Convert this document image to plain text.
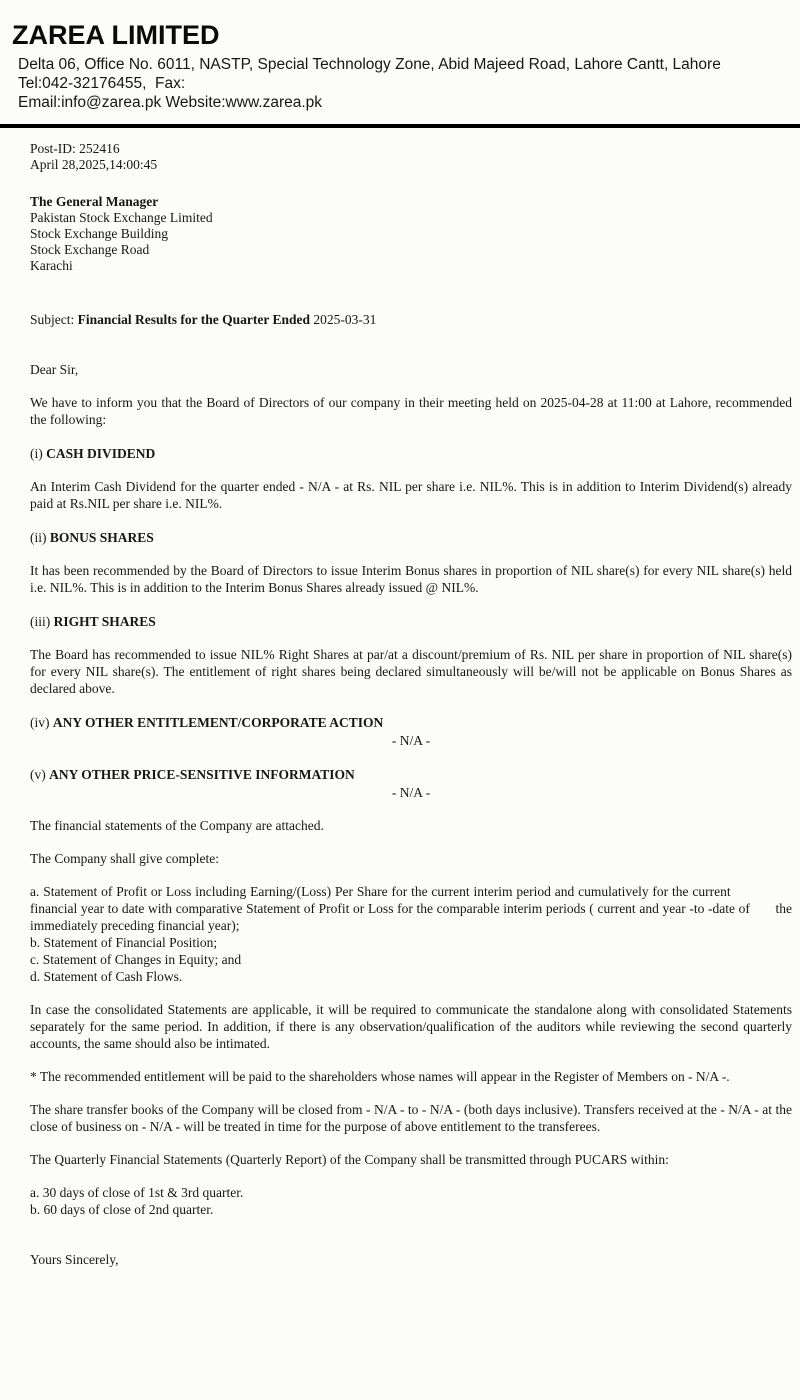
ZAREA LIMITED
Delta 06, Office No. 6011, NASTP, Special Technology Zone, Abid Majeed Road, Lahore Cantt, Lahore
Tel:042-32176455,  Fax:
Email:info@zarea.pk Website:www.zarea.pk
Post-ID: 252416
April 28,2025,14:00:45
The General Manager
Pakistan Stock Exchange Limited
Stock Exchange Building
Stock Exchange Road
Karachi
Subject: Financial Results for the Quarter Ended 2025-03-31
Dear Sir,

We have to inform you that the Board of Directors of our company in their meeting held on 2025-04-28 at 11:00 at Lahore, recommended the following:

(i) CASH DIVIDEND

An Interim Cash Dividend for the quarter ended - N/A - at Rs. NIL per share i.e. NIL%. This is in addition to Interim Dividend(s) already paid at Rs.NIL per share i.e. NIL%.

(ii) BONUS SHARES

It has been recommended by the Board of Directors to issue Interim Bonus shares in proportion of NIL share(s) for every NIL share(s) held i.e. NIL%. This is in addition to the Interim Bonus Shares already issued @ NIL%.

(iii) RIGHT SHARES

The Board has recommended to issue NIL% Right Shares at par/at a discount/premium of Rs. NIL per share in proportion of NIL share(s) for every NIL share(s). The entitlement of right shares being declared simultaneously will be/will not be applicable on Bonus Shares as declared above.

(iv) ANY OTHER ENTITLEMENT/CORPORATE ACTION
- N/A -
(v) ANY OTHER PRICE-SENSITIVE INFORMATION
- N/A -
The financial statements of the Company are attached.
The Company shall give complete:
a. Statement of Profit or Loss including Earning/(Loss) Per Share for the current interim period and cumulatively for the current                 financial year to date with comparative Statement of Profit or Loss for the comparable interim periods ( current and year -to -date of       the immediately preceding financial year);
b. Statement of Financial Position;
c. Statement of Changes in Equity; and
d. Statement of Cash Flows.

In case the consolidated Statements are applicable, it will be required to communicate the standalone along with consolidated Statements separately for the same period. In addition, if there is any observation/qualification of the auditors while reviewing the second quarterly accounts, the same should also be intimated.

* The recommended entitlement will be paid to the shareholders whose names will appear in the Register of Members on - N/A -.

The share transfer books of the Company will be closed from - N/A - to - N/A - (both days inclusive). Transfers received at the - N/A - at the close of business on - N/A - will be treated in time for the purpose of above entitlement to the transferees.

The Quarterly Financial Statements (Quarterly Report) of the Company shall be transmitted through PUCARS within:
a. 30 days of close of 1st & 3rd quarter.
b. 60 days of close of 2nd quarter.
Yours Sincerely,
